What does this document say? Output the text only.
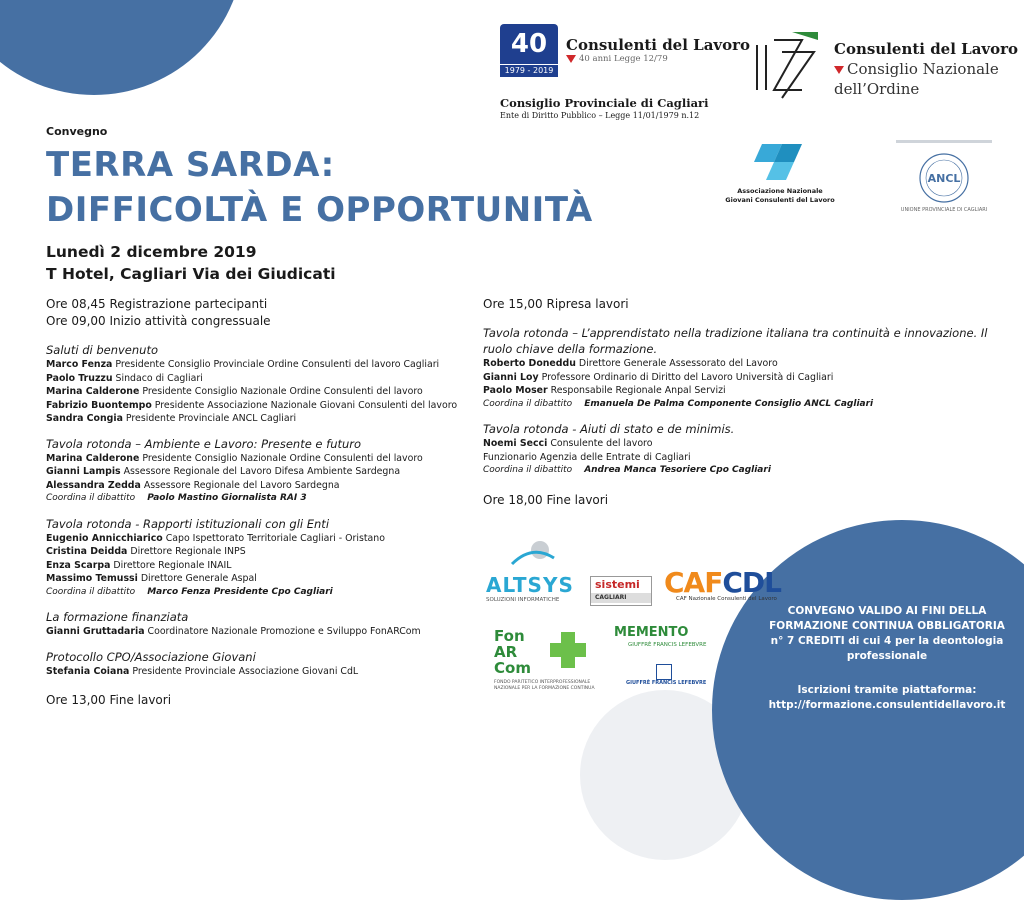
Convegno
TERRA SARDA:
DIFFICOLTÀ E OPPORTUNITÀ
Lunedì 2 dicembre 2019
T Hotel, Cagliari Via dei Giudicati
40
1979 - 2019
Consulenti del Lavoro
40 anni Legge 12/79
Consiglio Provinciale di Cagliari
Ente di Diritto Pubblico – Legge 11/01/1979 n.12
Consulenti del Lavoro
Consiglio Nazionale
dell’Ordine
Associazione Nazionale
Giovani Consulenti del Lavoro
ANCL
UNIONE PROVINCIALE DI CAGLIARI
Ore 08,45 Registrazione partecipanti
Ore 09,00 Inizio attività congressuale
Saluti di benvenuto
Marco Fenza Presidente Consiglio Provinciale Ordine Consulenti del lavoro Cagliari
Paolo Truzzu Sindaco di Cagliari
Marina Calderone Presidente Consiglio Nazionale Ordine Consulenti del lavoro
Fabrizio Buontempo Presidente Associazione Nazionale Giovani Consulenti del lavoro
Sandra Congia Presidente Provinciale ANCL Cagliari
Tavola rotonda – Ambiente e Lavoro: Presente e futuro
Marina Calderone Presidente Consiglio Nazionale Ordine Consulenti del lavoro
Gianni Lampis Assessore Regionale del Lavoro Difesa Ambiente Sardegna
Alessandra Zedda Assessore Regionale del Lavoro Sardegna
Coordina il dibattito Paolo Mastino Giornalista RAI 3
Tavola rotonda - Rapporti istituzionali con gli Enti
Eugenio Annicchiarico Capo Ispettorato Territoriale Cagliari - Oristano
Cristina Deidda Direttore Regionale INPS
Enza Scarpa Direttore Regionale INAIL
Massimo Temussi Direttore Generale Aspal
Coordina il dibattito Marco Fenza Presidente Cpo Cagliari
La formazione finanziata
Gianni Gruttadaria Coordinatore Nazionale Promozione e Sviluppo FonARCom
Protocollo CPO/Associazione Giovani
Stefania Coiana Presidente Provinciale Associazione Giovani CdL
Ore 13,00 Fine lavori
Ore 15,00 Ripresa lavori
Tavola rotonda – L’apprendistato nella tradizione italiana tra continuità e innovazione. Il ruolo chiave della formazione.
Roberto Doneddu Direttore Generale Assessorato del Lavoro
Gianni Loy Professore Ordinario di Diritto del Lavoro Università di Cagliari
Paolo Moser Responsabile Regionale Anpal Servizi
Coordina il dibattito Emanuela De Palma Componente Consiglio ANCL Cagliari
Tavola rotonda - Aiuti di stato e de minimis.
Noemi Secci Consulente del lavoro
Funzionario Agenzia delle Entrate di Cagliari
Coordina il dibattito Andrea Manca Tesoriere Cpo Cagliari
Ore 18,00 Fine lavori
ALTSYS
SOLUZIONI INFORMATICHE
sistemi
CAGLIARI	CAFCDL
CAF Nazionale Consulenti del Lavoro
Fon
AR
Com
FONDO PARITETICO INTERPROFESSIONALE NAZIONALE PER LA FORMAZIONE CONTINUA
MEMENTO
GIUFFRÈ FRANCIS LEFEBVRE
GIUFFRÈ FRANCIS LEFEBVRE
CONVEGNO VALIDO AI FINI DELLA
FORMAZIONE CONTINUA OBBLIGATORIA
n° 7 CREDITI di cui 4 per la deontologia
professionale
Iscrizioni tramite piattaforma:
http://formazione.consulentidellavoro.it
